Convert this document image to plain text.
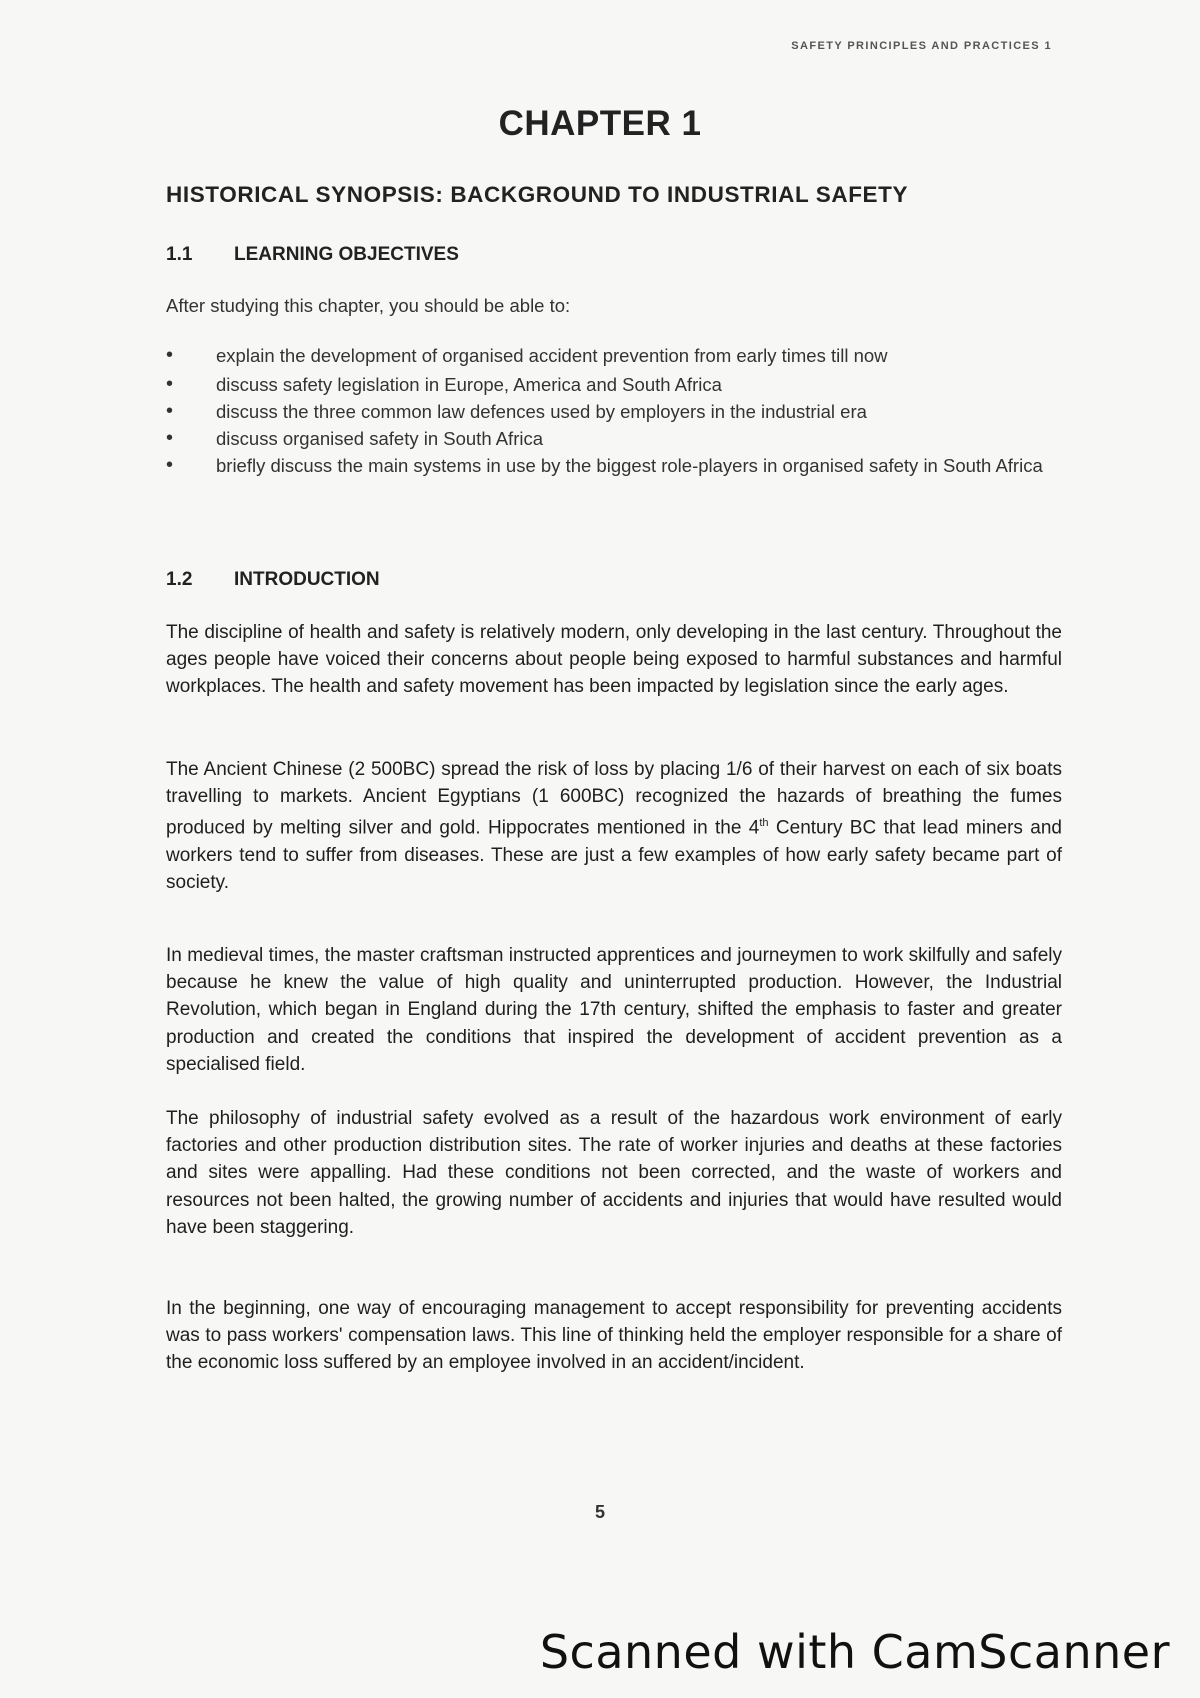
SAFETY PRINCIPLES AND PRACTICES 1
CHAPTER 1
HISTORICAL SYNOPSIS: BACKGROUND TO INDUSTRIAL SAFETY
1.1 LEARNING OBJECTIVES
After studying this chapter, you should be able to:
• explain the development of organised accident prevention from early times till now
• discuss safety legislation in Europe, America and South Africa
• discuss the three common law defences used by employers in the industrial era
• discuss organised safety in South Africa
• briefly discuss the main systems in use by the biggest role-players in organised safety in South Africa
1.2 INTRODUCTION

The discipline of health and safety is relatively modern, only developing in the last century. Throughout the ages people have voiced their concerns about people being exposed to harmful substances and harmful workplaces. The health and safety movement has been impacted by legislation since the early ages.

The Ancient Chinese (2 500BC) spread the risk of loss by placing 1/6 of their harvest on each of six boats travelling to markets. Ancient Egyptians (1 600BC) recognized the hazards of breathing the fumes produced by melting silver and gold. Hippocrates mentioned in the 4th Century BC that lead miners and workers tend to suffer from diseases. These are just a few examples of how early safety became part of society.

In medieval times, the master craftsman instructed apprentices and journeymen to work skilfully and safely because he knew the value of high quality and uninterrupted production. However, the Industrial Revolution, which began in England during the 17th century, shifted the emphasis to faster and greater production and created the conditions that inspired the development of accident prevention as a specialised field.

The philosophy of industrial safety evolved as a result of the hazardous work environment of early factories and other production distribution sites. The rate of worker injuries and deaths at these factories and sites were appalling. Had these conditions not been corrected, and the waste of workers and resources not been halted, the growing number of accidents and injuries that would have resulted would have been staggering.

In the beginning, one way of encouraging management to accept responsibility for preventing accidents was to pass workers' compensation laws. This line of thinking held the employer responsible for a share of the economic loss suffered by an employee involved in an accident/incident.

5
Scanned with CamScanner
